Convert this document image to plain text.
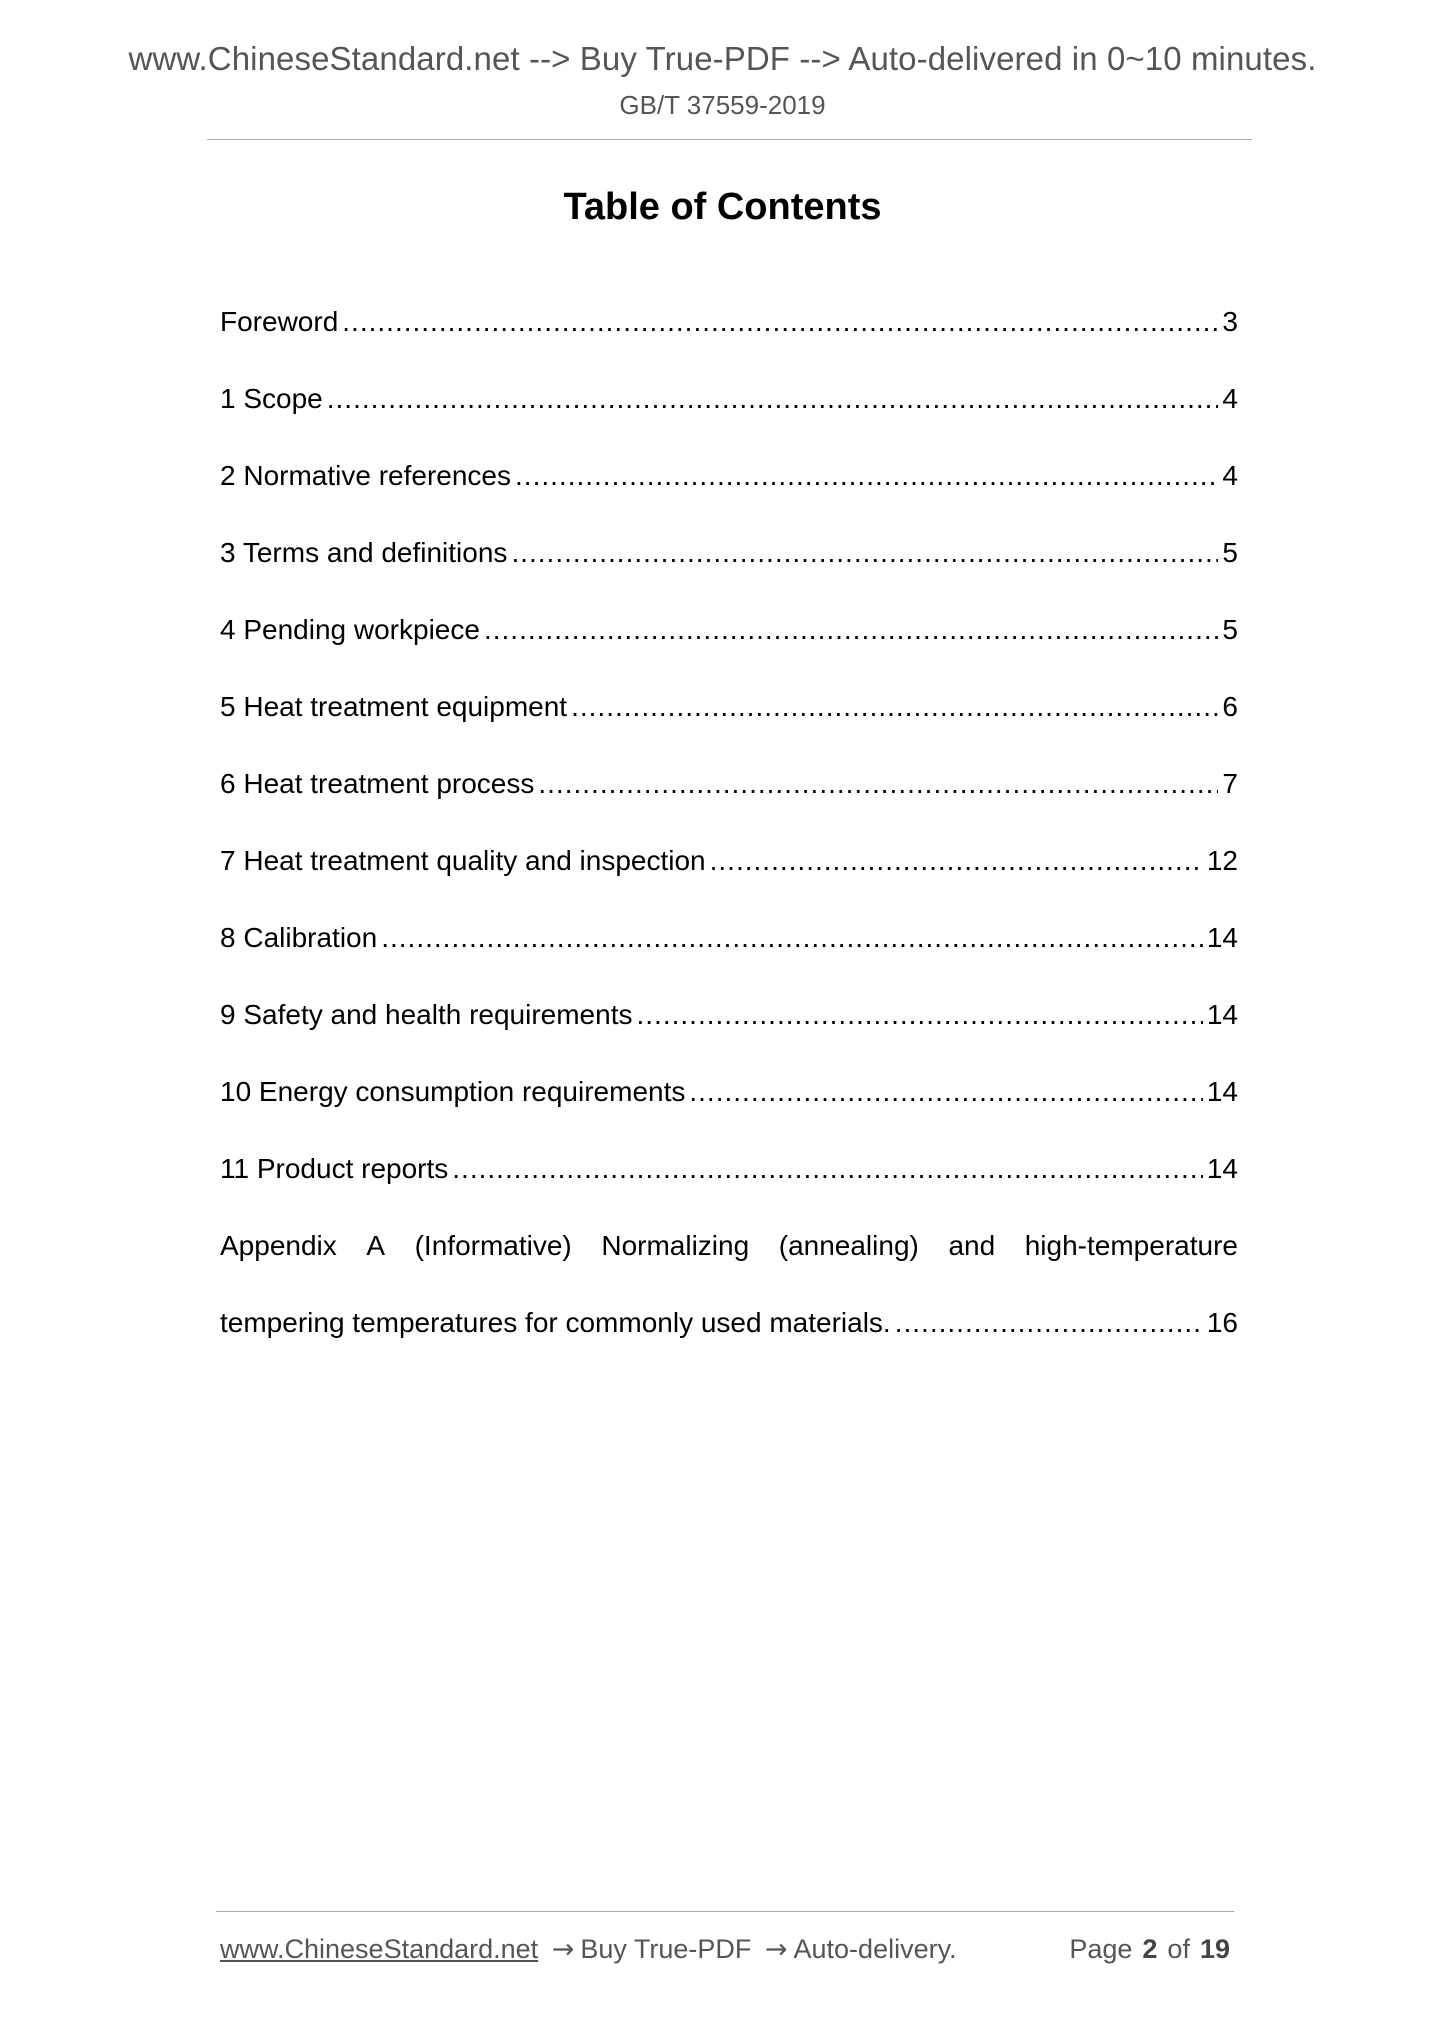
www.ChineseStandard.net --> Buy True-PDF --> Auto-delivered in 0~10 minutes.
GB/T 37559-2019
Table of Contents
Foreword .....	3
1 Scope .....	4
2 Normative references .....	4
3 Terms and definitions .....	5
4 Pending workpiece .....	5
5 Heat treatment equipment .....	6
6 Heat treatment process .....	7
7 Heat treatment quality and inspection .....	12
8 Calibration .....	14
9 Safety and health requirements .....	14
10 Energy consumption requirements .....	14
11 Product reports .....	14
Appendix A (Informative) Normalizing (annealing) and high-temperature
tempering temperatures for commonly used materials. .....	16
www.ChineseStandard.net → Buy True-PDF → Auto-delivery.	Page 2 of 19
